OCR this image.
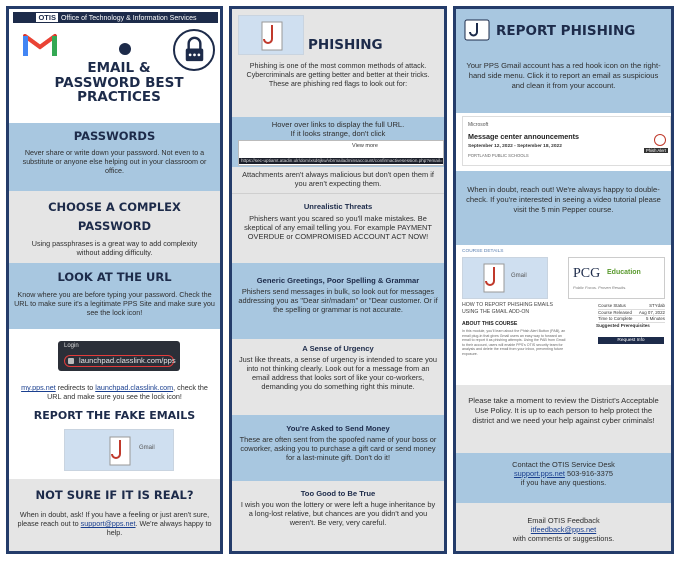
OTIS Office of Technology & Information Services
EMAIL & PASSWORD BEST PRACTICES
PASSWORDS
Never share or write down your password. Not even to a substitute or anyone else helping out in your classroom or office.
CHOOSE A COMPLEX
PASSWORD
Using passphrases is a great way to add complexity without adding difficulty.
LOOK AT THE URL
Know where you are before typing your password. Check the URL to make sure it's a legitimate PPS Site and make sure you see the lock icon!
Login
launchpad.classlink.com/pps
my.pps.net redirects to launchpad.classlink.com, check the URL and make sure you see the lock icon!
REPORT THE FAKE EMAILS
Gmail
NOT SURE IF IT IS REAL?
When in doubt, ask! If you have a feeling or just aren't sure, please reach out to support@pps.net. We're always happy to help.
PHISHING
Phishing is one of the most common methods of attack. Cybercriminals are getting better and better at their tricks. These are phishing red flags to look out for:
Hover over links to display the full URL.
If it looks strange, don't click
View more
https://sec-uptiamt.atadin.ulr/dom/xsd6jkw/vbrmailadminsaccount/confirmactivesession.php?email=
Attachments aren't always malicious but don't open them if you aren't expecting them.
Unrealistic Threats
Phishers want you scared so you'll make mistakes. Be skeptical of any email telling you. For example PAYMENT OVERDUE or COMPROMISED ACCOUNT ACT NOW!
Generic Greetings, Poor Spelling & Grammar
Phishers send messages in bulk, so look out for messages addressing you as "Dear sir/madam" or "Dear customer. Or if the spelling or grammar is not accurate.
A Sense of Urgency
Just like threats, a sense of urgency is intended to scare you into not thinking clearly. Look out for a message from an email address that looks sort of like your co-workers, demanding you do something right this minute.
You're Asked to Send Money
These are often sent from the spoofed name of your boss or coworker, asking you to purchase a gift card or send money for a last-minute gift. Don't do it!
Too Good to Be True
I wish you won the lottery or were left a huge inheritance by a long-lost relative, but chances are you didn't and you weren't. Be very, very careful.
REPORT PHISHING
Your PPS Gmail account has a red hook icon on the right-hand side menu. Click it to report an email as suspicious and clean it from your account.
Microsoft
Message center announcements
September 12, 2022 - September 18, 2022
PORTLAND PUBLIC SCHOOLS
Phish Alert
When in doubt, reach out! We're always happy to double-check. If you're interested in seeing a video tutorial please visit the 5 min Pepper course.
COURSE DETAILS
Gmail	PCG Education
Public Focus. Proven Results.
HOW TO REPORT PHISHING EMAILS USING THE GMAIL ADD-ON
ABOUT THIS COURSE
In this module, you'll learn about the Phish Alert Button (PAB), an email plug-in that gives Gmail users an easy way to forward an email to report it as phishing attempts. Using the PAB from Gmail to their account, users will enable PPS's OTIS security team for analysis and delete the email from your inbox, preventing future exposure.
Course Status	STYdab
Course Released Aug 07, 2022
Time to Complete	5 Minutes
Suggested Prerequisites
Request Info
Please take a moment to review the District's Acceptable Use Policy. It is up to each person to help protect the district and we need your help against cyber criminals!
Contact the OTIS Service Desk
support.pps.net 503-916-3375
if you have any questions.
Email OTIS Feedback
itfeedback@pps.net
with comments or suggestions.
